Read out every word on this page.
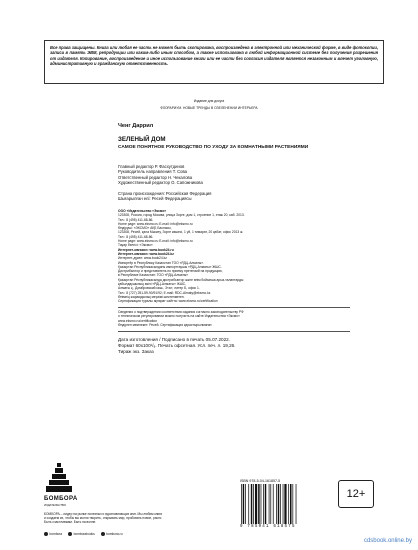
Все права защищены. Книга или любая ее часть не может быть скопирована, воспроизведена в электронной или механической форме, в виде фотокопии, записи в память ЭВМ, репродукции или каким-либо иным способом, а также использована в любой информационной системе без получения разрешения от издателя. Копирование, воспроизведение и иное использование книги или ее части без согласия издателя является незаконным и влечет уголовную, административную и гражданскую ответственность.
Издание для досуга
ФЛОРАРИУМ. НОВЫЕ ТРЕНДЫ В ОЗЕЛЕНЕНИИ ИНТЕРЬЕРА
Ченг Даррил
ЗЕЛЕНЫЙ ДОМ
САМОЕ ПОНЯТНОЕ РУКОВОДСТВО ПО УХОДУ ЗА КОМНАТНЫМИ РАСТЕНИЯМИ
Главный редактор Р. Фасхутдинов
Руководитель направления Т. Сова
Ответственный редактор Н. Чекалова
Художественный редактор О. Сапожникова
Страна происхождения: Российская Федерация
Шығарылған елі: Ресей Федерациясы
ООО «Издательство «Эксмо»
123308, Россия, город Москва, улица Зорге, дом 1, строение 1, этаж 20, каб. 2013.
Тел.: 8 (495) 411-68-86.
Home page: www.eksmo.ru E-mail: info@eksmo.ru
Өндіруші: «ЭКСМО» АҚБ Баспасы,
123308, Ресей, қала Мәскеу, Зорге көшесі, 1 үй, 1 ғимарат, 20 қабат, офис 2013 ж.
Тел.: 8 (495) 411-68-86.
Home page: www.eksmo.ru E-mail: info@eksmo.ru
Тауар белгісі: «Эксмо»
Интернет-магазин: www.book24.ru
Интернет-магазин: www.book24.kz
Интернет-дүкен: www.book24.kz
Импортёр в Республику Казахстан ТОО «РДЦ-Алматы».
Қазақстан Республикасындағы импорттаушы «РДЦ-Алматы» ЖШС.
Дистрибьютор и представитель по приему претензий на продукцию,
в Республике Казахстан: ТОО «РДЦ-Алматы»
Қазақстан Республикасында дистрибьютор және өнім бойынша арыз-талаптарды
қабылдаушының өкілі «РДЦ-Алматы» ЖШС,
Алматы қ., Домбровский көш., 3«а», литер Б, офис 1.
Тел.: 8 (727) 251-59-90/91/92; E-mail: RDC-Almaty@eksmo.kz
Өнімнің жарамдылық мерзімі шектелмеген.
Сертификация туралы ақпарат сайтта: www.eksmo.ru/certification
Сведения о подтверждении соответствия издания согласно законодательству РФ
о техническом регулировании можно получить на сайте Издательства «Эксмо»
www.eksmo.ru/certification
Өндірген мемлекет: Ресей. Сертификация қарастырылмаған
Дата изготовления / Подписано в печать 05.07.2022.
Формат 60x100¹/₈. Печать офсетная. Усл. печ. л. 19,26.
Тираж экз. Заказ
БОМБОРА
ИЗДАТЕЛЬСТВО
БОМБОРА – лидер на рынке полезных и вдохновляющих книг. Мы любим книги и создаем их, чтобы вы могли творить, открывать мир, пробовать новое, расти. Быть счастливыми. Быть на волне.
bombora	bomborabooks	bombora.ru
ISBN 978-5-04-161857-5
9 785041 618575
12+
cdsbook.online.by
